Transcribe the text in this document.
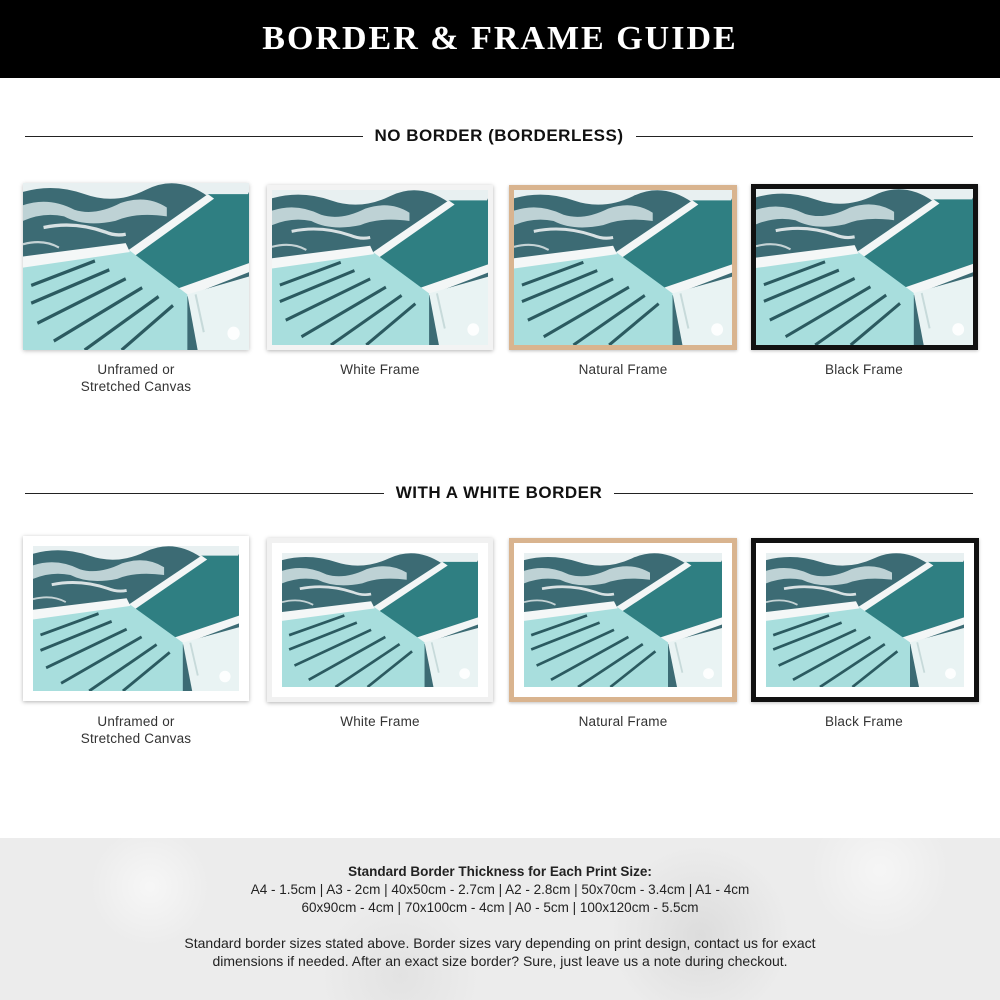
BORDER & FRAME GUIDE
NO BORDER (BORDERLESS)
Unframed or
Stretched Canvas
White Frame	Natural Frame	Black Frame
WITH A WHITE BORDER
Unframed or
Stretched Canvas
White Frame	Natural Frame	Black Frame
Standard Border Thickness for Each Print Size:
A4 - 1.5cm | A3 - 2cm | 40x50cm - 2.7cm | A2 - 2.8cm | 50x70cm - 3.4cm | A1 - 4cm
60x90cm - 4cm | 70x100cm - 4cm | A0 - 5cm | 100x120cm - 5.5cm
Standard border sizes stated above. Border sizes vary depending on print design, contact us for exact
dimensions if needed. After an exact size border? Sure, just leave us a note during checkout.
